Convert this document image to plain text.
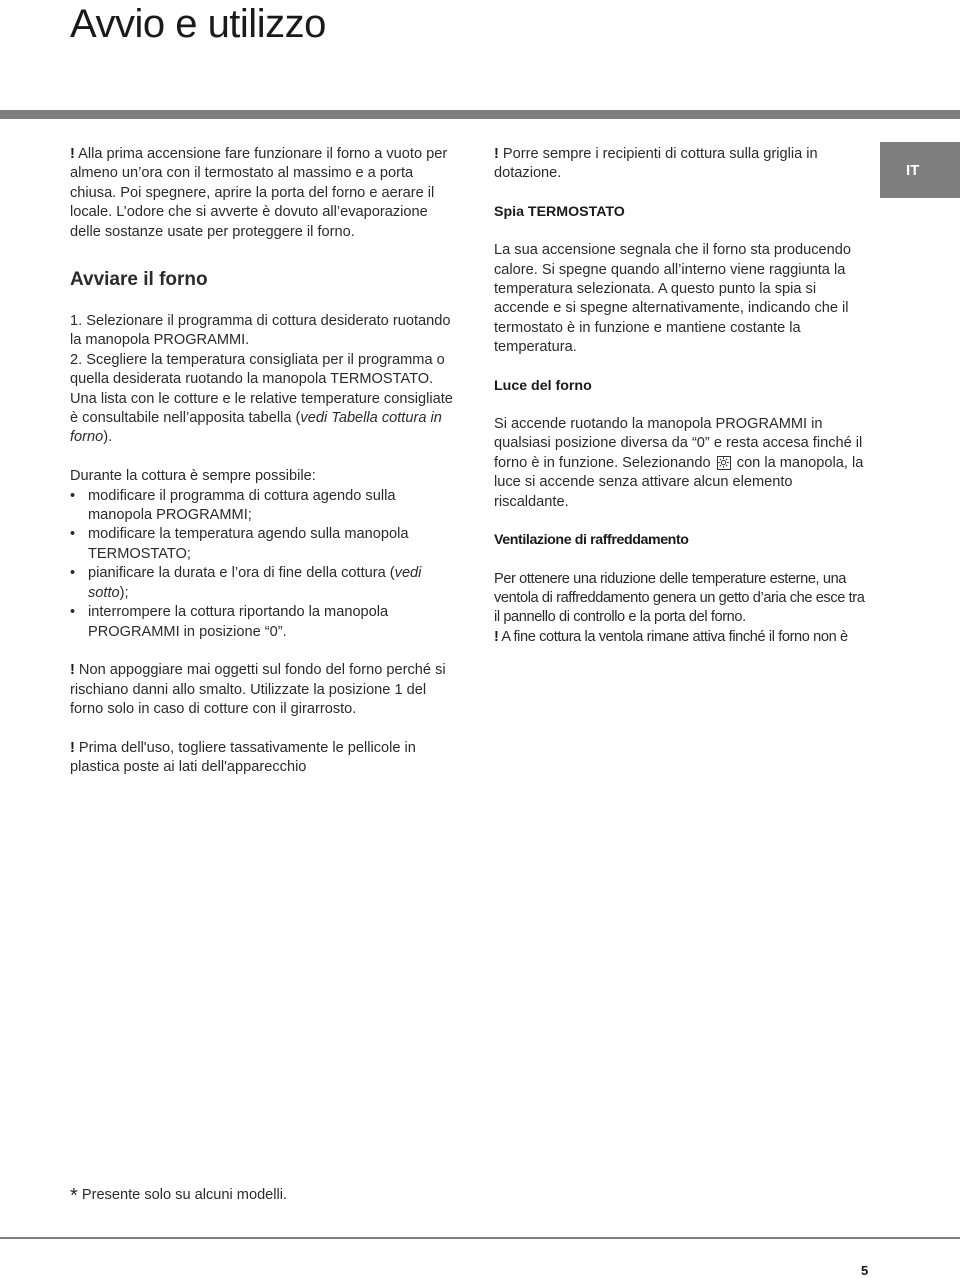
Avvio e utilizzo
IT

! Alla prima accensione fare funzionare il forno a vuoto per almeno un’ora con il termostato al massimo e a porta chiusa. Poi spegnere, aprire la porta del forno e aerare il locale. L’odore che si avverte è dovuto all’evaporazione delle sostanze usate per proteggere il forno.

Avviare il forno

1. Selezionare il programma di cottura desiderato ruotando la manopola PROGRAMMI.

2. Scegliere la temperatura consigliata per il programma o quella desiderata ruotando la manopola TERMOSTATO.

Una lista con le cotture e le relative temperature consigliate è consultabile nell’apposita tabella (vedi Tabella cottura in forno).

Durante la cottura è sempre possibile:

• modificare il programma di cottura agendo sulla manopola PROGRAMMI;
• modificare la temperatura agendo sulla manopola TERMOSTATO;
• pianificare la durata e l’ora di fine della cottura (vedi sotto);
• interrompere la cottura riportando la manopola PROGRAMMI in posizione “0”.

! Non appoggiare mai oggetti sul fondo del forno perché si rischiano danni allo smalto. Utilizzate la posizione 1 del forno solo in caso di cotture con il girarrosto.

! Prima dell'uso, togliere tassativamente le pellicole in plastica poste ai lati dell'apparecchio

! Porre sempre i recipienti di cottura sulla griglia in dotazione.

Spia TERMOSTATO

La sua accensione segnala che il forno sta producendo calore. Si spegne quando all’interno viene raggiunta la temperatura selezionata. A questo punto la spia si accende e si spegne alternativamente, indicando che il termostato è in funzione e mantiene costante la temperatura.

Luce del forno

Si accende ruotando la manopola PROGRAMMI in qualsiasi posizione diversa da “0” e resta accesa finché il forno è in funzione. Selezionando con la manopola, la luce si accende senza attivare alcun elemento riscaldante.

Ventilazione di raffreddamento

Per ottenere una riduzione delle temperature esterne, una ventola di raffreddamento genera un getto d’aria che esce tra il pannello di controllo e la porta del forno.

! A fine cottura la ventola rimane attiva finché il forno non è

* Presente solo su alcuni modelli.
5
